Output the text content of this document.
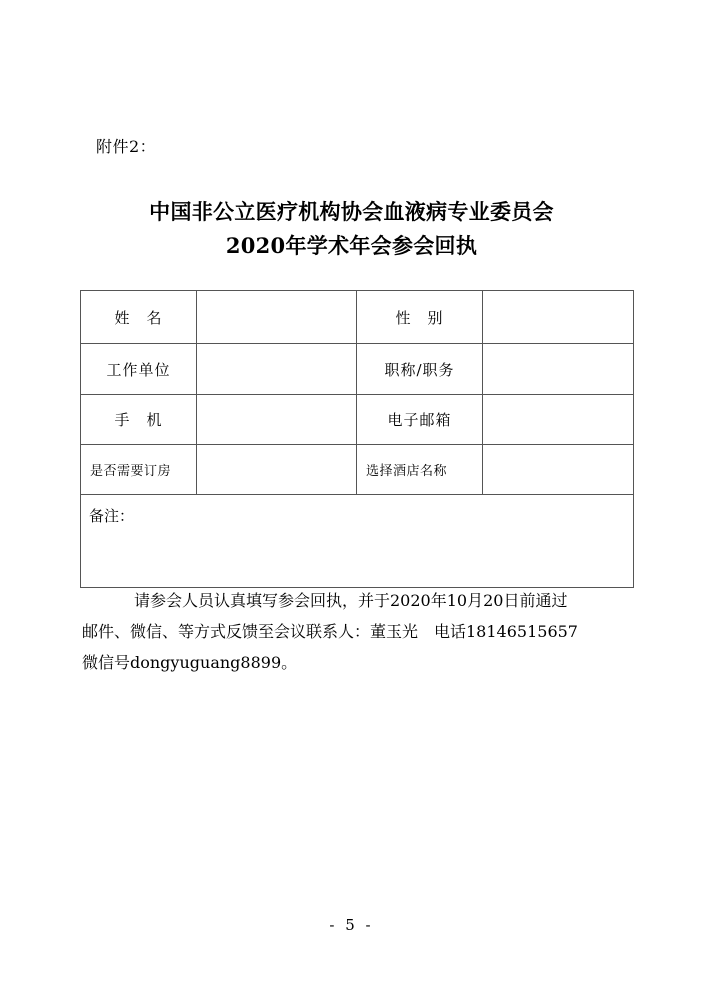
附件2：
中国非公立医疗机构协会血液病专业委员会
2020年学术年会参会回执
姓　名		性　别	
工作单位		职称/职务	
手　机		电子邮箱	
是否需要订房		选择酒店名称	
备注：			
请参会人员认真填写参会回执，并于2020年10月20日前通过
邮件、微信、等方式反馈至会议联系人：董玉光　电话18146515657
微信号dongyuguang8899。
- 5 -
